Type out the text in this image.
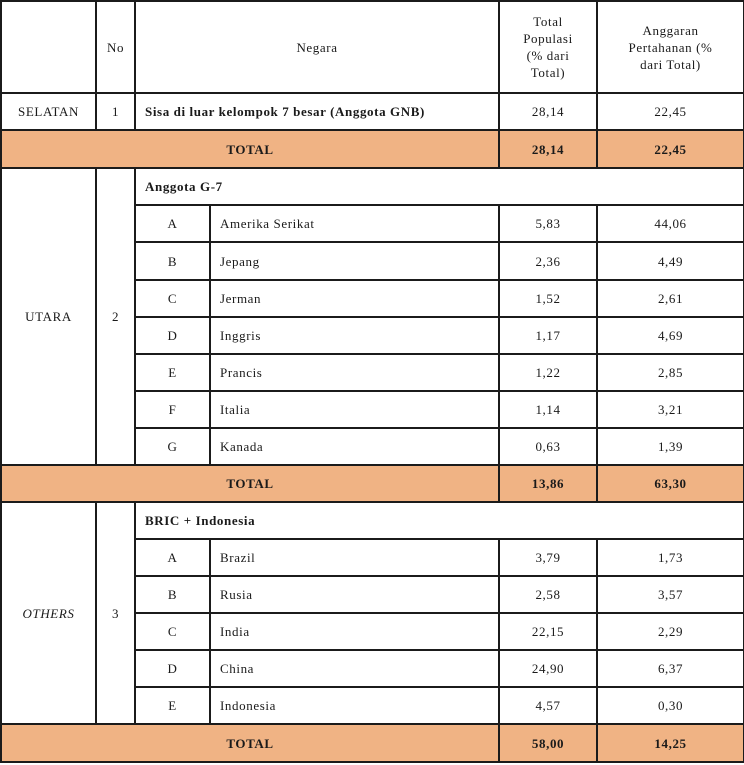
	No	Negara		Total Populasi (% dari Total)	Anggaran Pertahanan (% dari Total)
SELATAN	1	Sisa di luar kelompok 7 besar (Anggota GNB)		28,14	22,45
TOTAL				28,14	22,45
UTARA	2	Anggota G-7			
		A	Amerika Serikat	5,83	44,06
		B	Jepang	2,36	4,49
		C	Jerman	1,52	2,61
		D	Inggris	1,17	4,69
		E	Prancis	1,22	2,85
		F	Italia	1,14	3,21
		G	Kanada	0,63	1,39
TOTAL				13,86	63,30
OTHERS	3	BRIC + Indonesia			
		A	Brazil	3,79	1,73
		B	Rusia	2,58	3,57
		C	India	22,15	2,29
		D	China	24,90	6,37
		E	Indonesia	4,57	0,30
TOTAL				58,00	14,25
